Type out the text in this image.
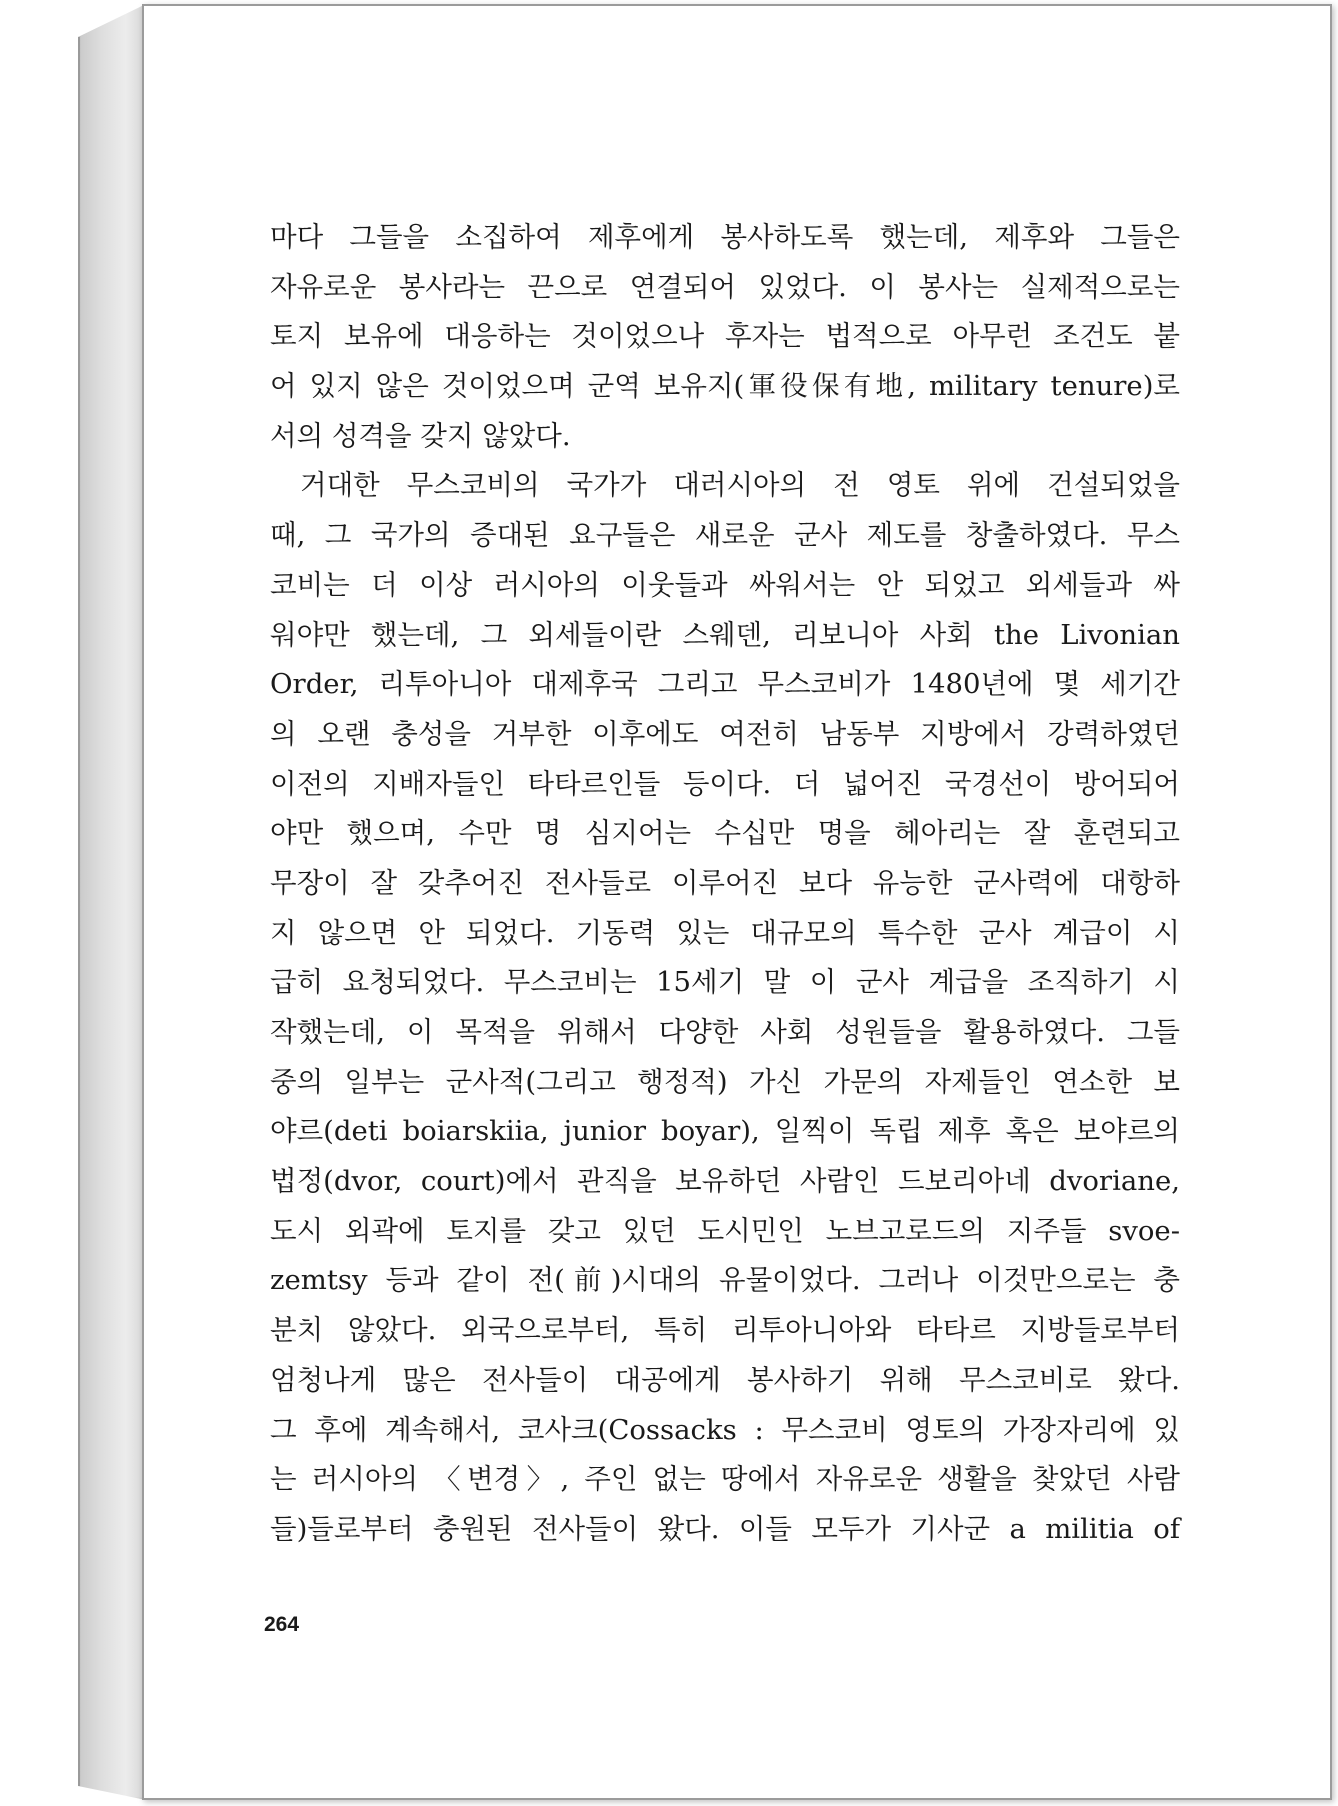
마다 그들을 소집하여 제후에게 봉사하도록 했는데, 제후와 그들은
자유로운 봉사라는 끈으로 연결되어 있었다. 이 봉사는 실제적으로는
토지 보유에 대응하는 것이었으나 후자는 법적으로 아무런 조건도 붙
어 있지 않은 것이었으며 군역 보유지(軍役保有地, military tenure)로
서의 성격을 갖지 않았다.
거대한 무스코비의 국가가 대러시아의 전 영토 위에 건설되었을
때, 그 국가의 증대된 요구들은 새로운 군사 제도를 창출하였다. 무스
코비는 더 이상 러시아의 이웃들과 싸워서는 안 되었고 외세들과 싸
워야만 했는데, 그 외세들이란 스웨덴, 리보니아 사회 the Livonian
Order, 리투아니아 대제후국 그리고 무스코비가 1480년에 몇 세기간
의 오랜 충성을 거부한 이후에도 여전히 남동부 지방에서 강력하였던
이전의 지배자들인 타타르인들 등이다. 더 넓어진 국경선이 방어되어
야만 했으며, 수만 명 심지어는 수십만 명을 헤아리는 잘 훈련되고
무장이 잘 갖추어진 전사들로 이루어진 보다 유능한 군사력에 대항하
지 않으면 안 되었다. 기동력 있는 대규모의 특수한 군사 계급이 시
급히 요청되었다. 무스코비는 15세기 말 이 군사 계급을 조직하기 시
작했는데, 이 목적을 위해서 다양한 사회 성원들을 활용하였다. 그들
중의 일부는 군사적(그리고 행정적) 가신 가문의 자제들인 연소한 보
야르(deti boiarskiia, junior boyar), 일찍이 독립 제후 혹은 보야르의
법정(dvor, court)에서 관직을 보유하던 사람인 드보리아네 dvoriane,
도시 외곽에 토지를 갖고 있던 도시민인 노브고로드의 지주들 svoe-
zemtsy 등과 같이 전(前)시대의 유물이었다. 그러나 이것만으로는 충
분치 않았다. 외국으로부터, 특히 리투아니아와 타타르 지방들로부터
엄청나게 많은 전사들이 대공에게 봉사하기 위해 무스코비로 왔다.
그 후에 계속해서, 코사크(Cossacks : 무스코비 영토의 가장자리에 있
는 러시아의 〈변경〉, 주인 없는 땅에서 자유로운 생활을 찾았던 사람
들)들로부터 충원된 전사들이 왔다. 이들 모두가 기사군 a militia of
264
